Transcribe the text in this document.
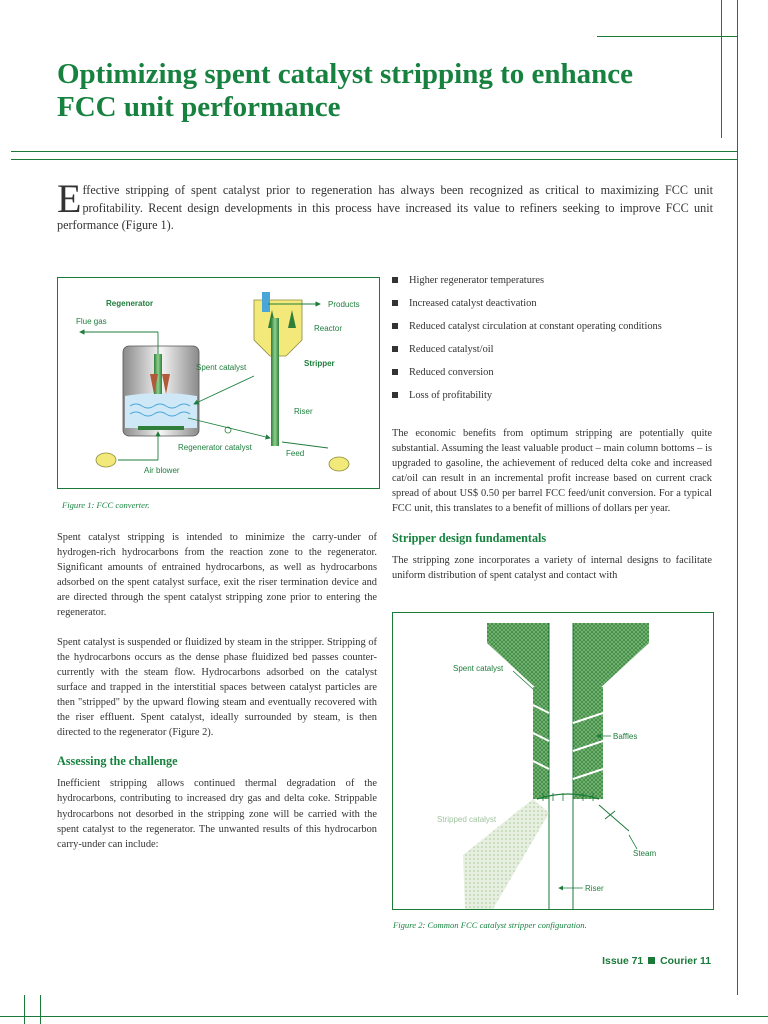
Optimizing spent catalyst stripping to enhance FCC unit performance

Effective stripping of spent catalyst prior to regeneration has always been recognized as critical to maximizing FCC unit profitability. Recent design developments in this process have increased its value to refiners seeking to improve FCC unit performance (Figure 1).

Regenerator	Products
Flue gas
Reactor
Spent catalyst	Stripper
Riser
Regenerator catalyst
Feed
Air blower

Figure 1: FCC converter.

Spent catalyst stripping is intended to minimize the carry-under of hydrogen-rich hydrocarbons from the reaction zone to the regenerator. Significant amounts of entrained hydrocarbons, as well as hydrocarbons adsorbed on the spent catalyst surface, exit the riser termination device and are directed through the spent catalyst stripping zone prior to entering the regenerator.

Spent catalyst is suspended or fluidized by steam in the stripper. Stripping of the hydrocarbons occurs as the dense phase fluidized bed passes counter-currently with the steam flow. Hydrocarbons adsorbed on the catalyst surface and trapped in the interstitial spaces between catalyst particles are then "stripped" by the upward flowing steam and eventually recovered with the riser effluent. Spent catalyst, ideally surrounded by steam, is then directed to the regenerator (Figure 2).

Assessing the challenge

Inefficient stripping allows continued thermal degradation of the hydrocarbons, contributing to increased dry gas and delta coke. Strippable hydrocarbons not desorbed in the stripping zone will be carried with the spent catalyst to the regenerator. The unwanted results of this hydrocarbon carry-under can include:

Higher regenerator temperatures
Increased catalyst deactivation
Reduced catalyst circulation at constant operating conditions
Reduced catalyst/oil
Reduced conversion
Loss of profitability

The economic benefits from optimum stripping are potentially quite substantial. Assuming the least valuable product – main column bottoms – is upgraded to gasoline, the achievement of reduced delta coke and increased cat/oil can result in an incremental profit increase based on current crack spread of about US$ 0.50 per barrel FCC feed/unit conversion. For a typical FCC unit, this translates to a benefit of millions of dollars per year.

Stripper design fundamentals

The stripping zone incorporates a variety of internal designs to facilitate uniform distribution of spent catalyst and contact with

Spent catalyst
Baffles
Stripped catalyst
Steam
Riser

Figure 2: Common FCC catalyst stripper configuration.

Issue 71 Courier 11
